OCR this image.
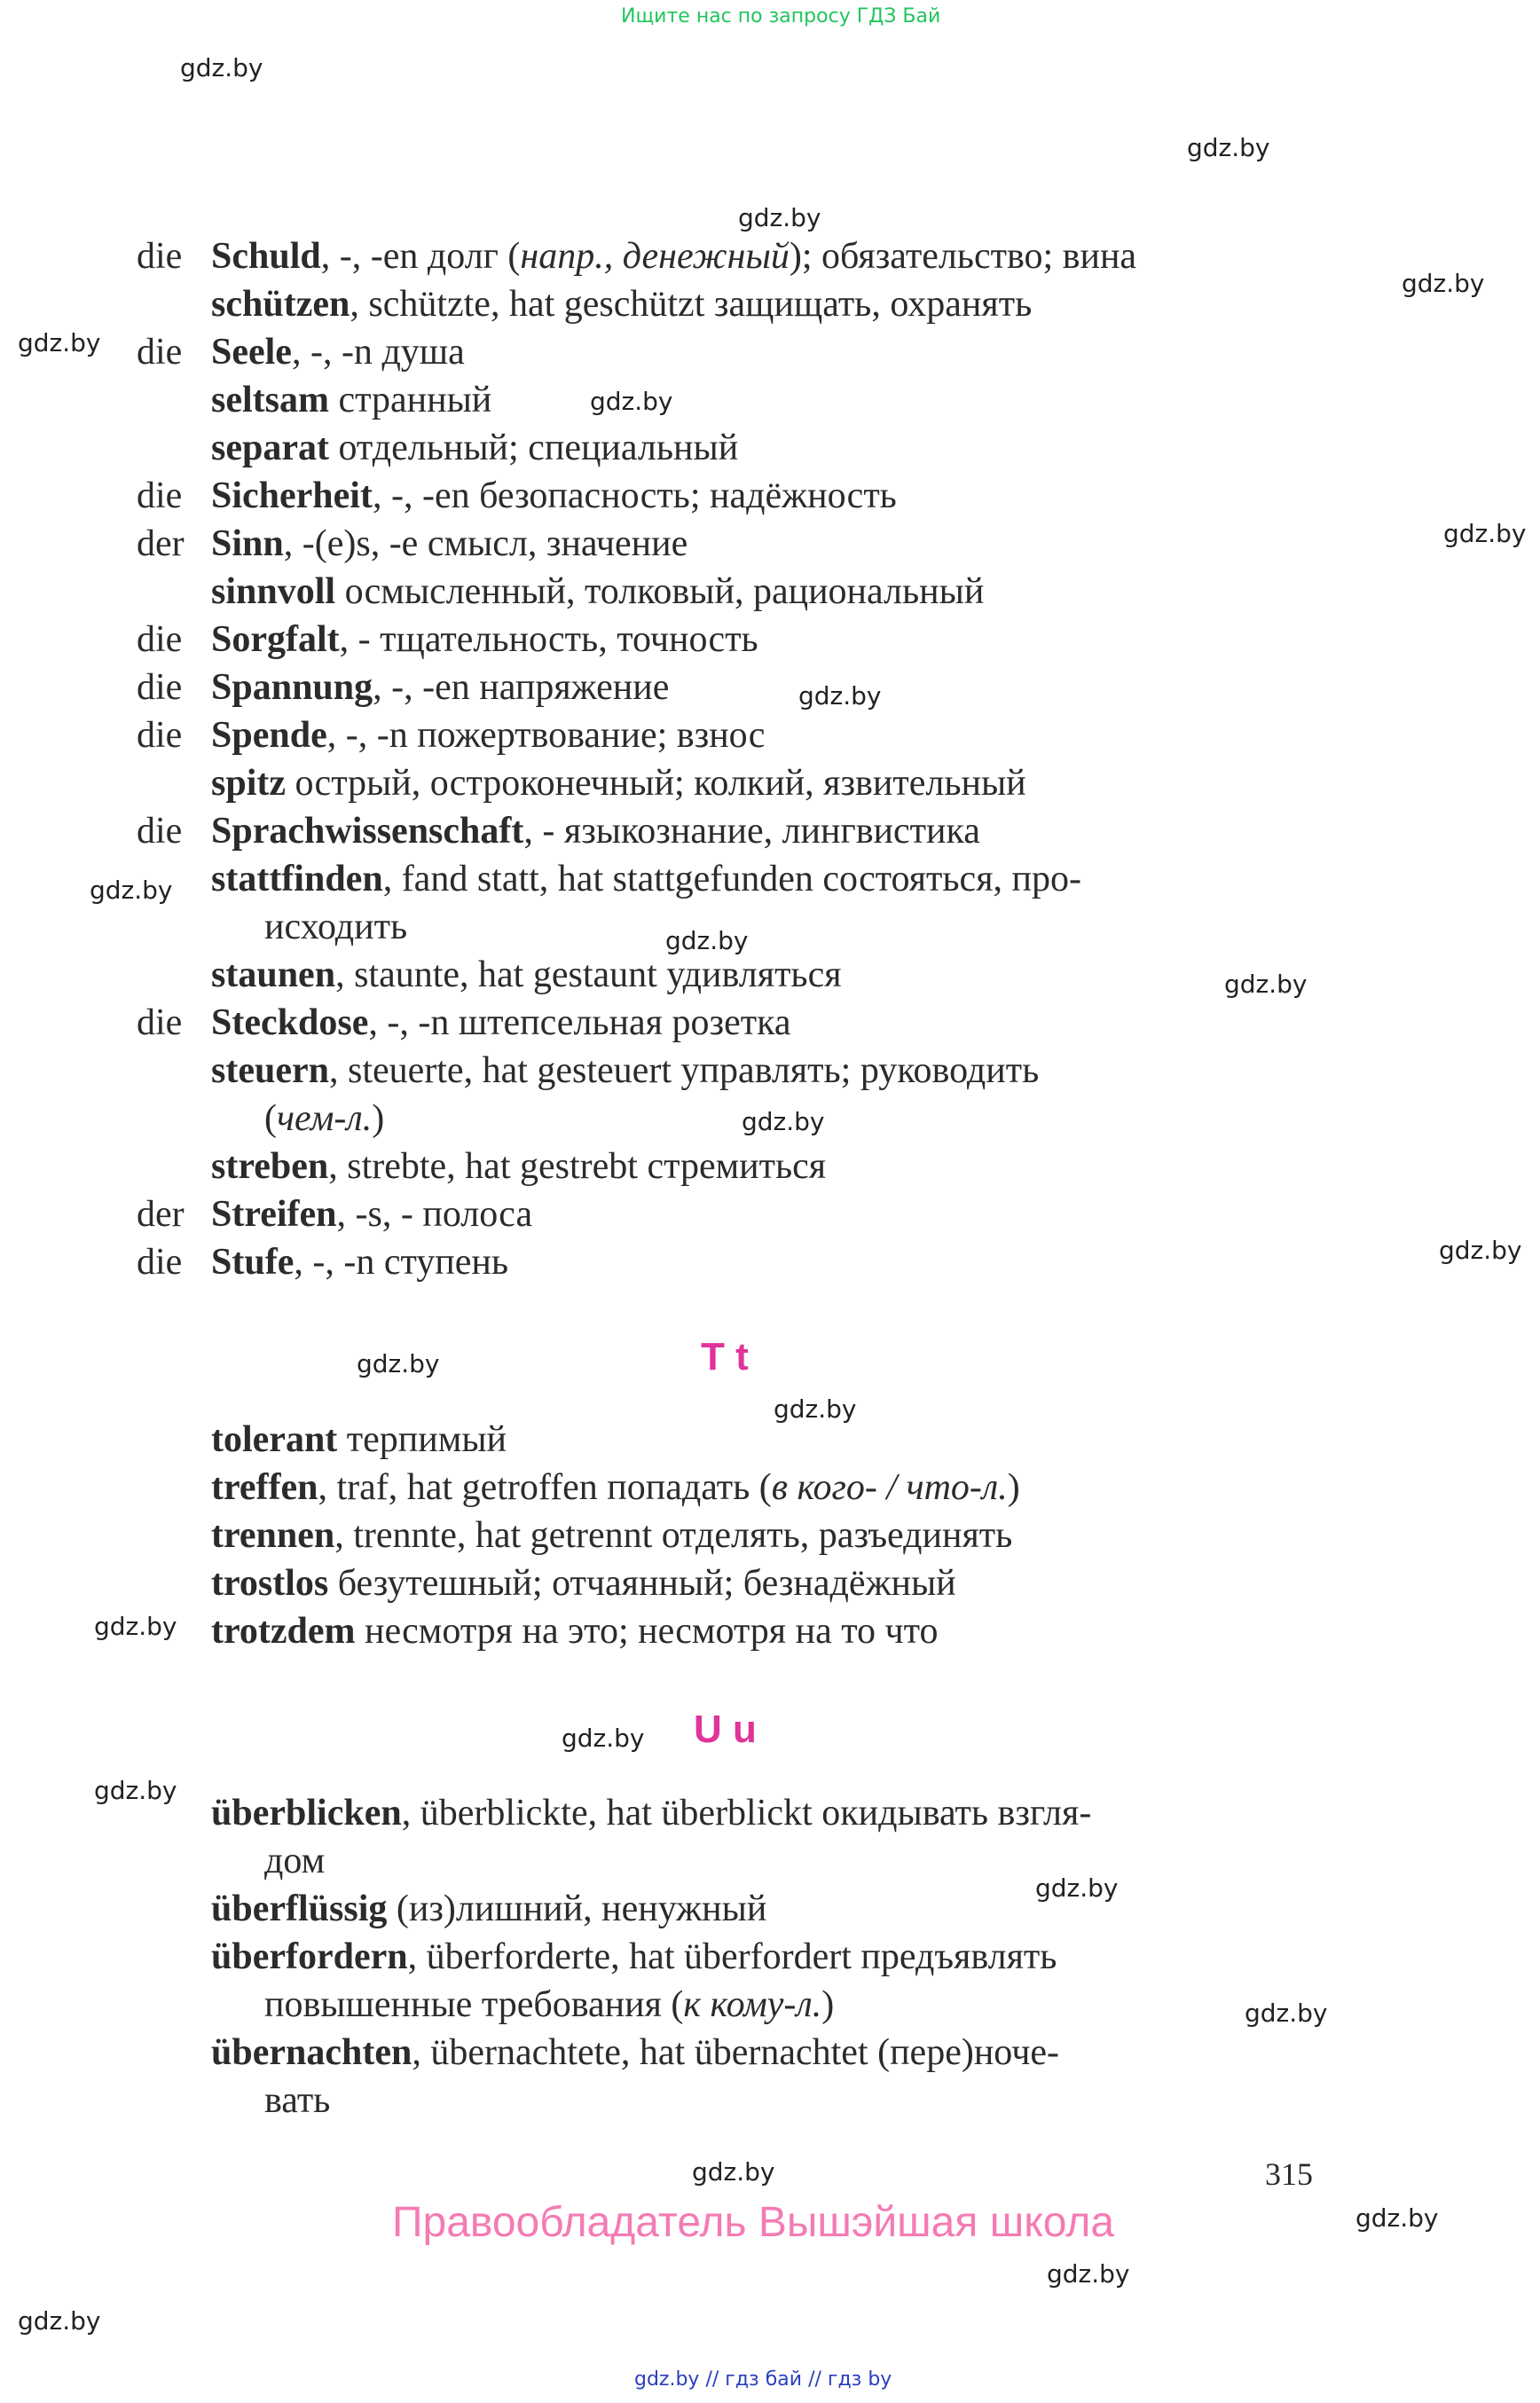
Ищите нас по запросу ГДЗ Бай
gdz.by
gdz.by
gdz.by
gdz.by
gdz.by
gdz.by
gdz.by
gdz.by
gdz.by
gdz.by
gdz.by
gdz.by
gdz.by
gdz.by
gdz.by
gdz.by
gdz.by
gdz.by
gdz.by
gdz.by
gdz.by
gdz.by
gdz.by
gdz.by
die Schuld, -, -en долг (напр., денежный); обязательство; вина
schützen, schützte, hat geschützt защищать, охранять
die Seele, -, -n душа
seltsam странный
separat отдельный; специальный
die Sicherheit, -, -en безопасность; надёжность
der Sinn, -(e)s, -e смысл, значение
sinnvoll осмысленный, толковый, рациональный
die Sorgfalt, - тщательность, точность
die Spannung, -, -en напряжение
die Spende, -, -n пожертвование; взнос
spitz острый, остроконечный; колкий, язвительный
die Sprachwissenschaft, - языкознание, лингвистика
stattfinden, fand statt, hat stattgefunden состояться, про-
исходить
staunen, staunte, hat gestaunt удивляться
die Steckdose, -, -n штепсельная розетка
steuern, steuerte, hat gesteuert управлять; руководить
(чем-л.)
streben, strebte, hat gestrebt стремиться
der Streifen, -s, - полоса
die Stufe, -, -n ступень
T t
tolerant терпимый
treffen, traf, hat getroffen попадать (в кого- / что-л.)
trennen, trennte, hat getrennt отделять, разъединять
trostlos безутешный; отчаянный; безнадёжный
trotzdem несмотря на это; несмотря на то что
U u
überblicken, überblickte, hat überblickt окидывать взгля-
дом
überflüssig (из)лишний, ненужный
überfordern, überforderte, hat überfordert предъявлять
повышенные требования (к кому-л.)
übernachten, übernachtete, hat übernachtet (пере)ноче-
вать
315
Правообладатель Вышэйшая школа
gdz.by // гдз бай // гдз by
